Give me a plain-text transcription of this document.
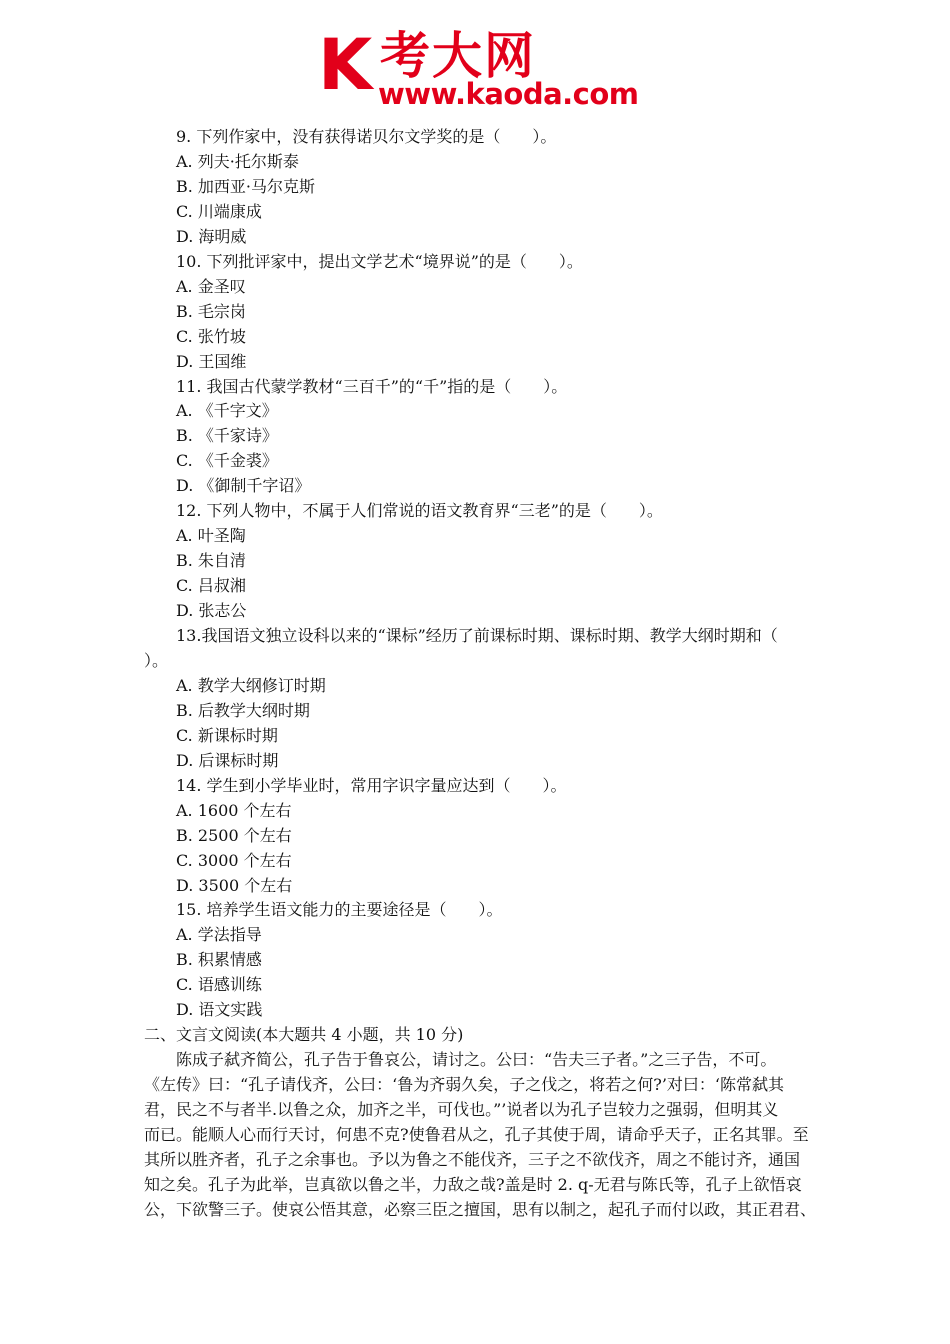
K 考大网
www.kaoda.com
9. 下列作家中，没有获得诺贝尔文学奖的是（　　）。
A. 列夫·托尔斯泰
B. 加西亚·马尔克斯
C. 川端康成
D. 海明威
10. 下列批评家中，提出文学艺术“境界说”的是（　　）。
A. 金圣叹
B. 毛宗岗
C. 张竹坡
D. 王国维
11. 我国古代蒙学教材“三百千”的“千”指的是（　　）。
A. 《千字文》
B. 《千家诗》
C. 《千金裘》
D. 《御制千字诏》
12. 下列人物中，不属于人们常说的语文教育界“三老”的是（　　）。
A. 叶圣陶
B. 朱自清
C. 吕叔湘
D. 张志公
13.我国语文独立设科以来的“课标”经历了前课标时期、课标时期、教学大纲时期和（
）。
A. 教学大纲修订时期
B. 后教学大纲时期
C. 新课标时期
D. 后课标时期
14. 学生到小学毕业时，常用字识字量应达到（　　）。
A. 1600 个左右
B. 2500 个左右
C. 3000 个左右
D. 3500 个左右
15. 培养学生语文能力的主要途径是（　　）。
A. 学法指导
B. 积累情感
C. 语感训练
D. 语文实践
二、文言文阅读(本大题共 4 小题，共 10 分)
陈成子弑齐简公，孔子告于鲁哀公，请讨之。公曰：“告夫三子者。”之三子告，不可。
《左传》曰：“孔子请伐齐，公曰：‘鲁为齐弱久矣，子之伐之，将若之何?’对曰：‘陈常弑其
君，民之不与者半.以鲁之众，加齐之半，可伐也。”’说者以为孔子岂较力之强弱，但明其义
而已。能顺人心而行天讨，何患不克?使鲁君从之，孔子其使于周，请命乎天子，正名其罪。至
其所以胜齐者，孔子之余事也。予以为鲁之不能伐齐，三子之不欲伐齐，周之不能讨齐，通国
知之矣。孔子为此举，岂真欲以鲁之半，力敌之哉?盖是时 2. q-无君与陈氏等，孔子上欲悟哀
公，下欲警三子。使哀公悟其意，必察三臣之擅国，思有以制之，起孔子而付以政，其正君君、
